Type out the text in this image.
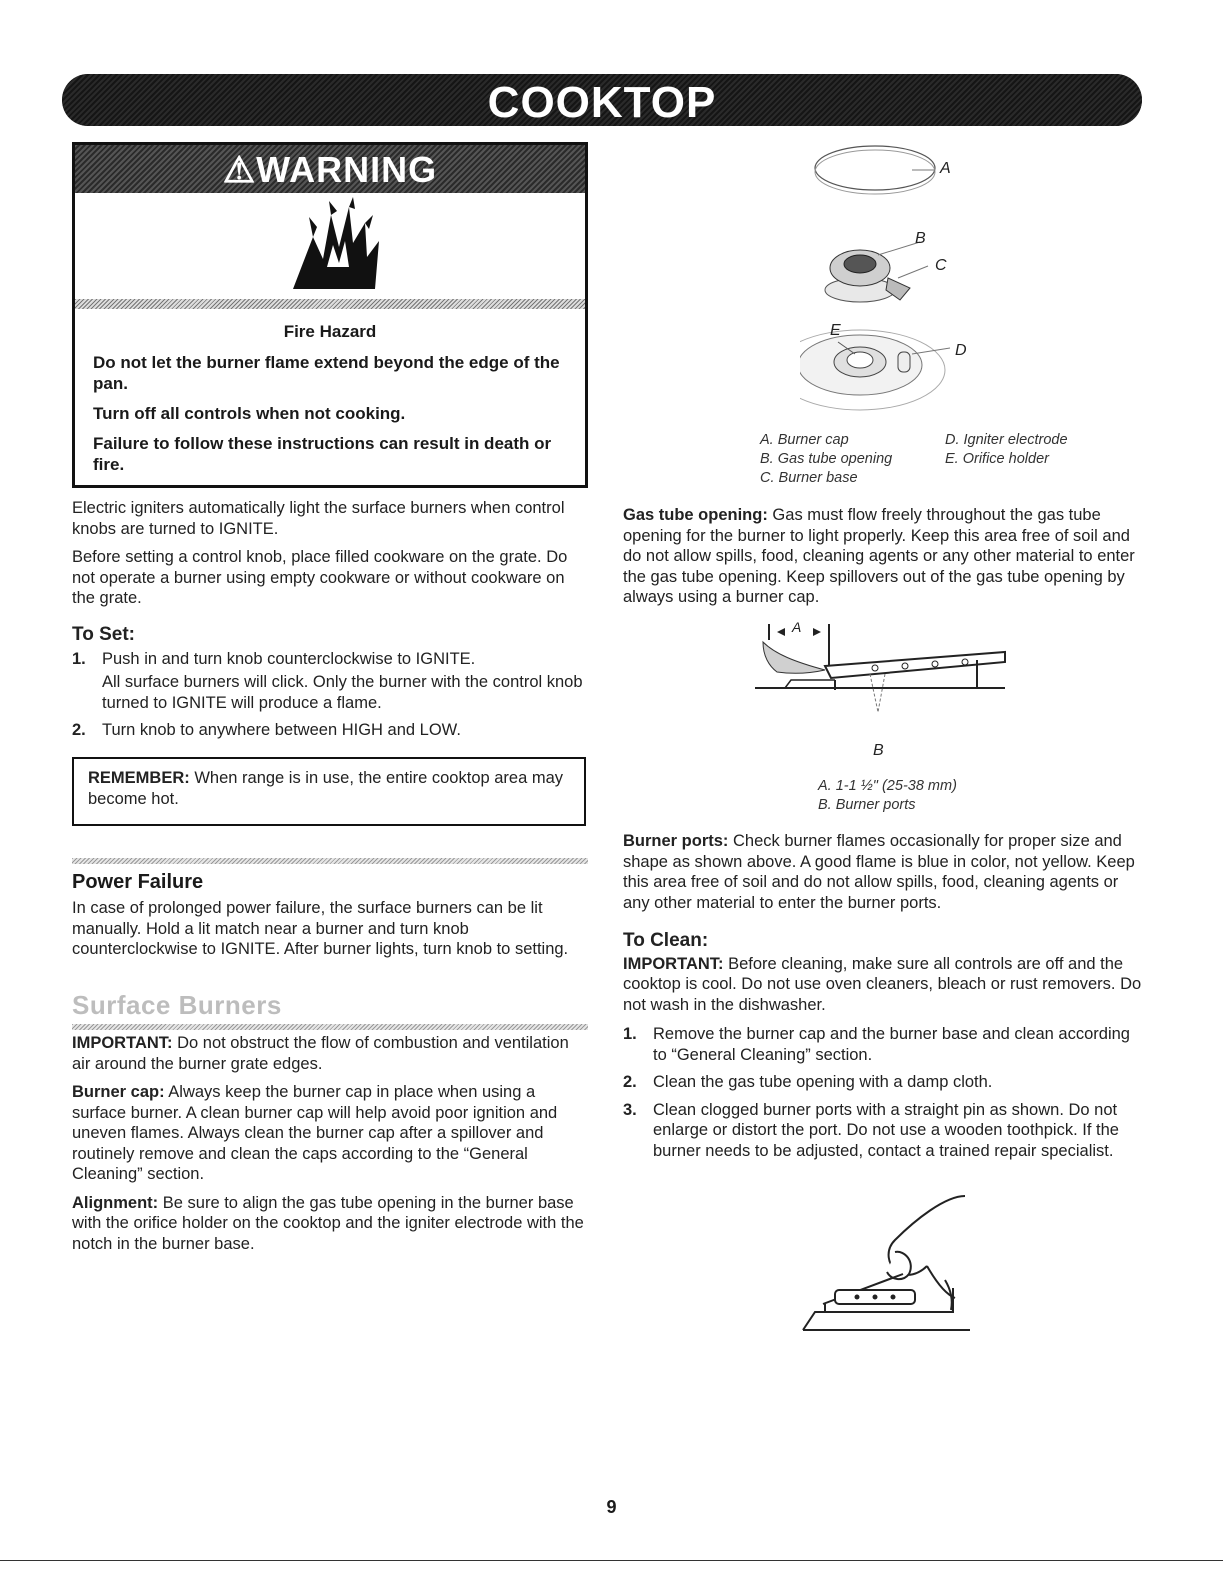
COOKTOP
⚠WARNING

Fire Hazard

Do not let the burner flame extend beyond the edge of the pan.

Turn off all controls when not cooking.

Failure to follow these instructions can result in death or fire.

Electric igniters automatically light the surface burners when control knobs are turned to IGNITE.

Before setting a control knob, place filled cookware on the grate. Do not operate a burner using empty cookware or without cookware on the grate.

To Set:
1. Push in and turn knob counterclockwise to IGNITE.
All surface burners will click. Only the burner with the control knob turned to IGNITE will produce a flame.
2. Turn knob to anywhere between HIGH and LOW.
REMEMBER: When range is in use, the entire cooktop area may become hot.
Power Failure
In case of prolonged power failure, the surface burners can be lit manually. Hold a lit match near a burner and turn knob counterclockwise to IGNITE. After burner lights, turn knob to setting.
Surface Burners

IMPORTANT: Do not obstruct the flow of combustion and ventilation air around the burner grate edges.

Burner cap: Always keep the burner cap in place when using a surface burner. A clean burner cap will help avoid poor ignition and uneven flames. Always clean the burner cap after a spillover and routinely remove and clean the caps according to the “General Cleaning” section.

Alignment: Be sure to align the gas tube opening in the burner base with the orifice holder on the cooktop and the igniter electrode with the notch in the burner base.

A
B
C
D
E
A. Burner cap
B. Gas tube opening
C. Burner base
D. Igniter electrode
E. Orifice holder
Gas tube opening: Gas must flow freely throughout the gas tube opening for the burner to light properly. Keep this area free of soil and do not allow spills, food, cleaning agents or any other material to enter the gas tube opening. Keep spillovers out of the gas tube opening by always using a burner cap.
A
B
A. 1-1 ½" (25-38 mm)
B. Burner ports
Burner ports: Check burner flames occasionally for proper size and shape as shown above. A good flame is blue in color, not yellow. Keep this area free of soil and do not allow spills, food, cleaning agents or any other material to enter the burner ports.
To Clean:

IMPORTANT: Before cleaning, make sure all controls are off and the cooktop is cool. Do not use oven cleaners, bleach or rust removers. Do not wash in the dishwasher.

1. Remove the burner cap and the burner base and clean according to “General Cleaning” section.
2. Clean the gas tube opening with a damp cloth.
3. Clean clogged burner ports with a straight pin as shown. Do not enlarge or distort the port. Do not use a wooden toothpick. If the burner needs to be adjusted, contact a trained repair specialist.
9
